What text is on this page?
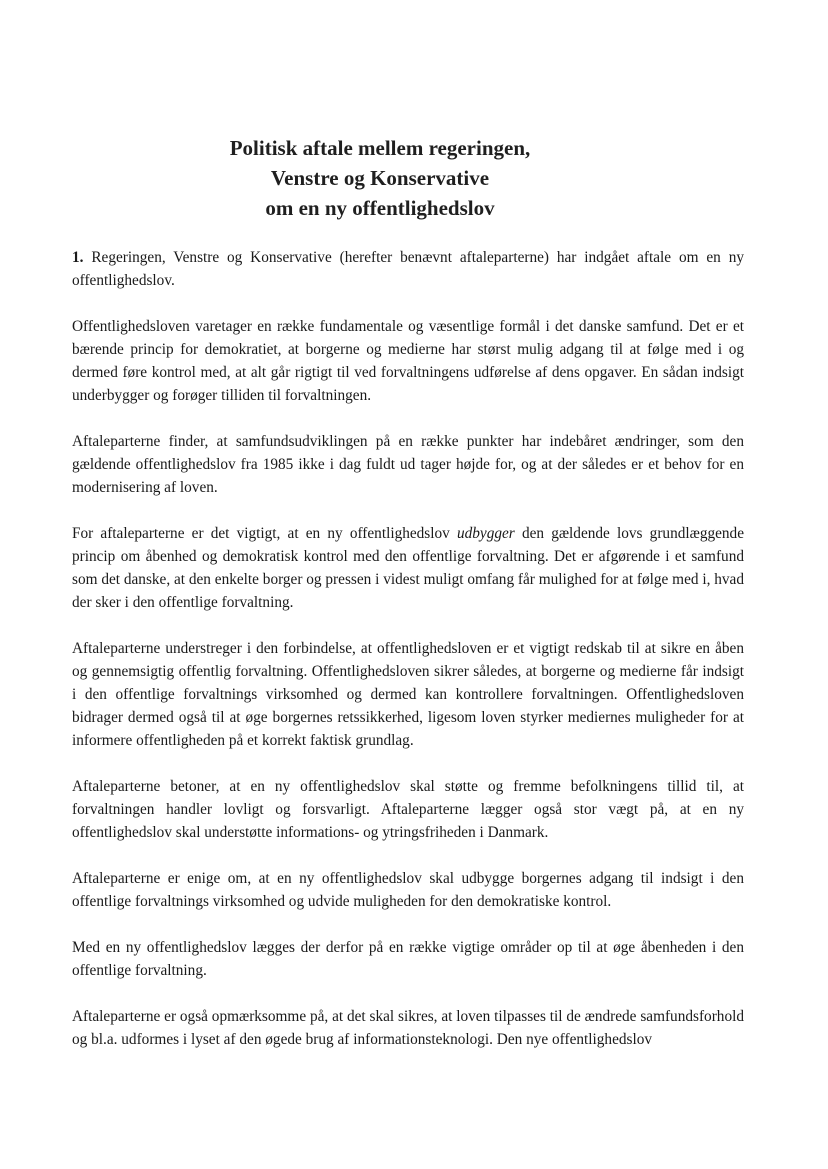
Politisk aftale mellem regeringen,
Venstre og Konservative
om en ny offentlighedslov

1. Regeringen, Venstre og Konservative (herefter benævnt aftaleparterne) har indgået aftale om en ny offentlighedslov.

Offentlighedsloven varetager en række fundamentale og væsentlige formål i det danske samfund. Det er et bærende princip for demokratiet, at borgerne og medierne har størst mulig adgang til at følge med i og dermed føre kontrol med, at alt går rigtigt til ved forvaltningens udførelse af dens opgaver. En sådan indsigt underbygger og forøger tilliden til forvaltningen.

Aftaleparterne finder, at samfundsudviklingen på en række punkter har indebåret ændringer, som den gældende offentlighedslov fra 1985 ikke i dag fuldt ud tager højde for, og at der således er et behov for en modernisering af loven.

For aftaleparterne er det vigtigt, at en ny offentlighedslov udbygger den gældende lovs grundlæggende princip om åbenhed og demokratisk kontrol med den offentlige forvaltning. Det er afgørende i et samfund som det danske, at den enkelte borger og pressen i videst muligt omfang får mulighed for at følge med i, hvad der sker i den offentlige forvaltning.

Aftaleparterne understreger i den forbindelse, at offentlighedsloven er et vigtigt redskab til at sikre en åben og gennemsigtig offentlig forvaltning. Offentlighedsloven sikrer således, at borgerne og medierne får indsigt i den offentlige forvaltnings virksomhed og dermed kan kontrollere forvaltningen. Offentlighedsloven bidrager dermed også til at øge borgernes retssikkerhed, ligesom loven styrker mediernes muligheder for at informere offentligheden på et korrekt faktisk grundlag.

Aftaleparterne betoner, at en ny offentlighedslov skal støtte og fremme befolkningens tillid til, at forvaltningen handler lovligt og forsvarligt. Aftaleparterne lægger også stor vægt på, at en ny offentlighedslov skal understøtte informations- og ytringsfriheden i Danmark.

Aftaleparterne er enige om, at en ny offentlighedslov skal udbygge borgernes adgang til indsigt i den offentlige forvaltnings virksomhed og udvide muligheden for den demokratiske kontrol.

Med en ny offentlighedslov lægges der derfor på en række vigtige områder op til at øge åbenheden i den offentlige forvaltning.

Aftaleparterne er også opmærksomme på, at det skal sikres, at loven tilpasses til de ændrede samfundsforhold og bl.a. udformes i lyset af den øgede brug af informationsteknologi. Den nye offentlighedslov
